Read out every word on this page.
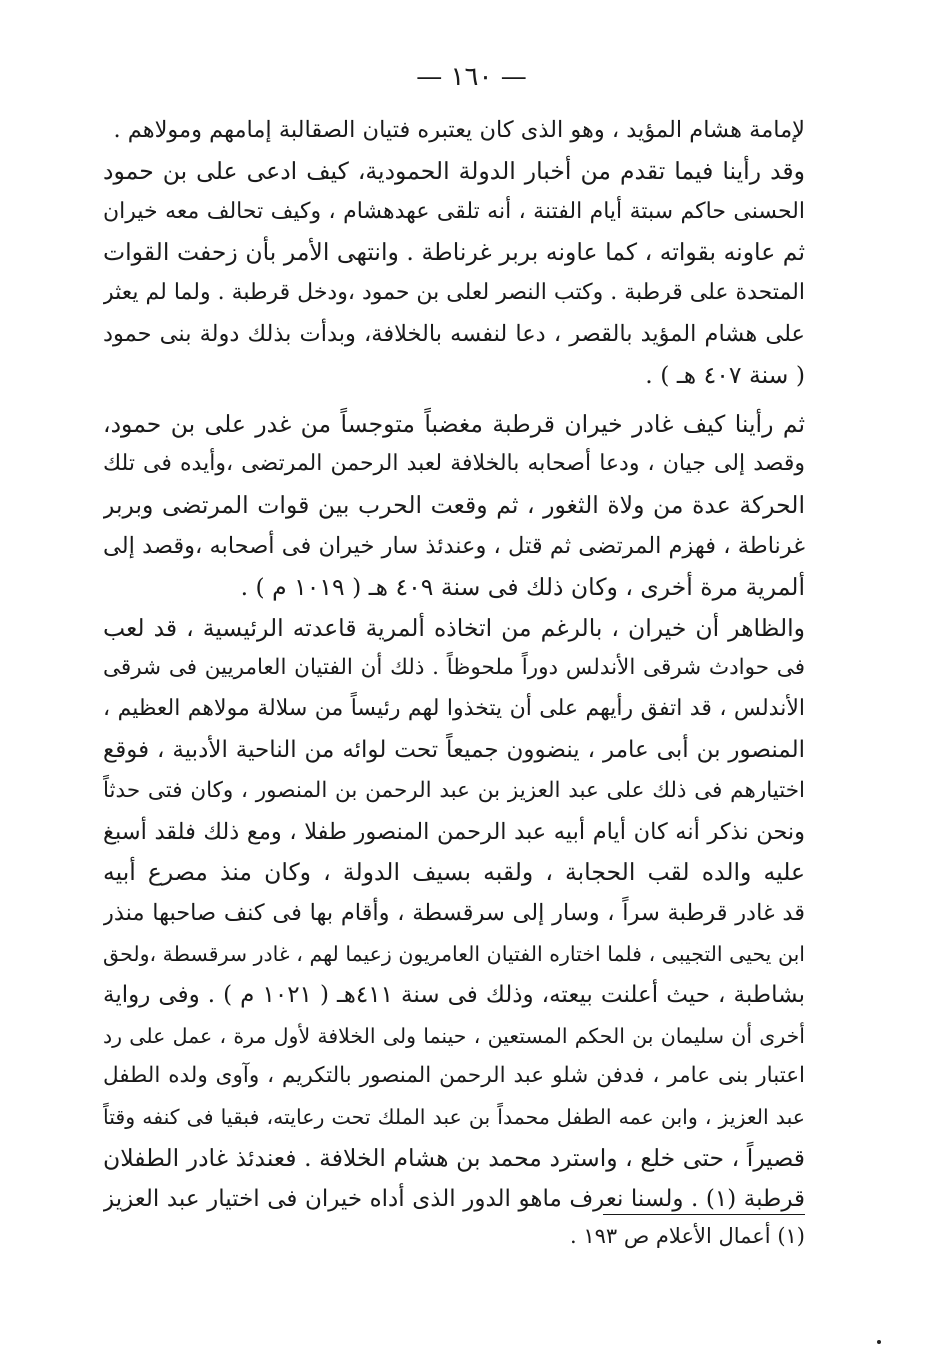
— ١٦٠ —
لإمامة هشام المؤيد ، وهو الذى كان يعتبره فتيان الصقالبة إمامهم ومولاهم .
وقد رأينا فيما تقدم من أخبار الدولة الحمودية، كيف ادعى على بن حمود
الحسنى حاكم سبتة أيام الفتنة ، أنه تلقى عهدهشام ، وكيف تحالف معه خيران
ثم عاونه بقواته ، كما عاونه بربر غرناطة . وانتهى الأمر بأن زحفت القوات
المتحدة على قرطبة . وكتب النصر لعلى بن حمود ،ودخل قرطبة . ولما لم يعثر
على هشام المؤيد بالقصر ، دعا لنفسه بالخلافة، وبدأت بذلك دولة بنى حمود
( سنة ٤٠٧ هـ ) .
ثم رأينا كيف غادر خيران قرطبة مغضباً متوجساً من غدر على بن حمود،
وقصد إلى جيان ، ودعا أصحابه بالخلافة لعبد الرحمن المرتضى ،وأيده فى تلك
الحركة عدة من ولاة الثغور ، ثم وقعت الحرب بين قوات المرتضى وبربر
غرناطة ، فهزم المرتضى ثم قتل ، وعندئذ سار خيران فى أصحابه ،وقصد إلى
ألمرية مرة أخرى ، وكان ذلك فى سنة ٤٠٩ هـ ( ١٠١٩ م ) .
والظاهر أن خيران ، بالرغم من اتخاذه ألمرية قاعدته الرئيسية ، قد لعب
فى حوادث شرقى الأندلس دوراً ملحوظاً . ذلك أن الفتيان العامريين فى شرقى
الأندلس ، قد اتفق رأيهم على أن يتخذوا لهم رئيساً من سلالة مولاهم العظيم ،
المنصور بن أبى عامر ، ينضوون جميعاً تحت لوائه من الناحية الأدبية ، فوقع
اختيارهم فى ذلك على عبد العزيز بن عبد الرحمن بن المنصور ، وكان فتى حدثاً
ونحن نذكر أنه كان أيام أبيه عبد الرحمن المنصور طفلا ، ومع ذلك فلقد أسبغ
عليه والده لقب الحجابة ، ولقبه بسيف الدولة ، وكان منذ مصرع أبيه
قد غادر قرطبة سراً ، وسار إلى سرقسطة ، وأقام بها فى كنف صاحبها منذر
ابن يحيى التجيبى ، فلما اختاره الفتيان العامريون زعيما لهم ، غادر سرقسطة ،ولحق
بشاطبة ، حيث أعلنت بيعته، وذلك فى سنة ٤١١هـ ( ١٠٢١ م ) . وفى رواية
أخرى أن سليمان بن الحكم المستعين ، حينما ولى الخلافة لأول مرة ، عمل على رد
اعتبار بنى عامر ، فدفن شلو عبد الرحمن المنصور بالتكريم ، وآوى ولده الطفل
عبد العزيز ، وابن عمه الطفل محمداً بن عبد الملك تحت رعايته، فبقيا فى كنفه وقتاً
قصيراً ، حتى خلع ، واسترد محمد بن هشام الخلافة . فعندئذ غادر الطفلان
قرطبة (١) . ولسنا نعرف ماهو الدور الذى أداه خيران فى اختيار عبد العزيز
(١) أعمال الأعلام ص ١٩٣ .
